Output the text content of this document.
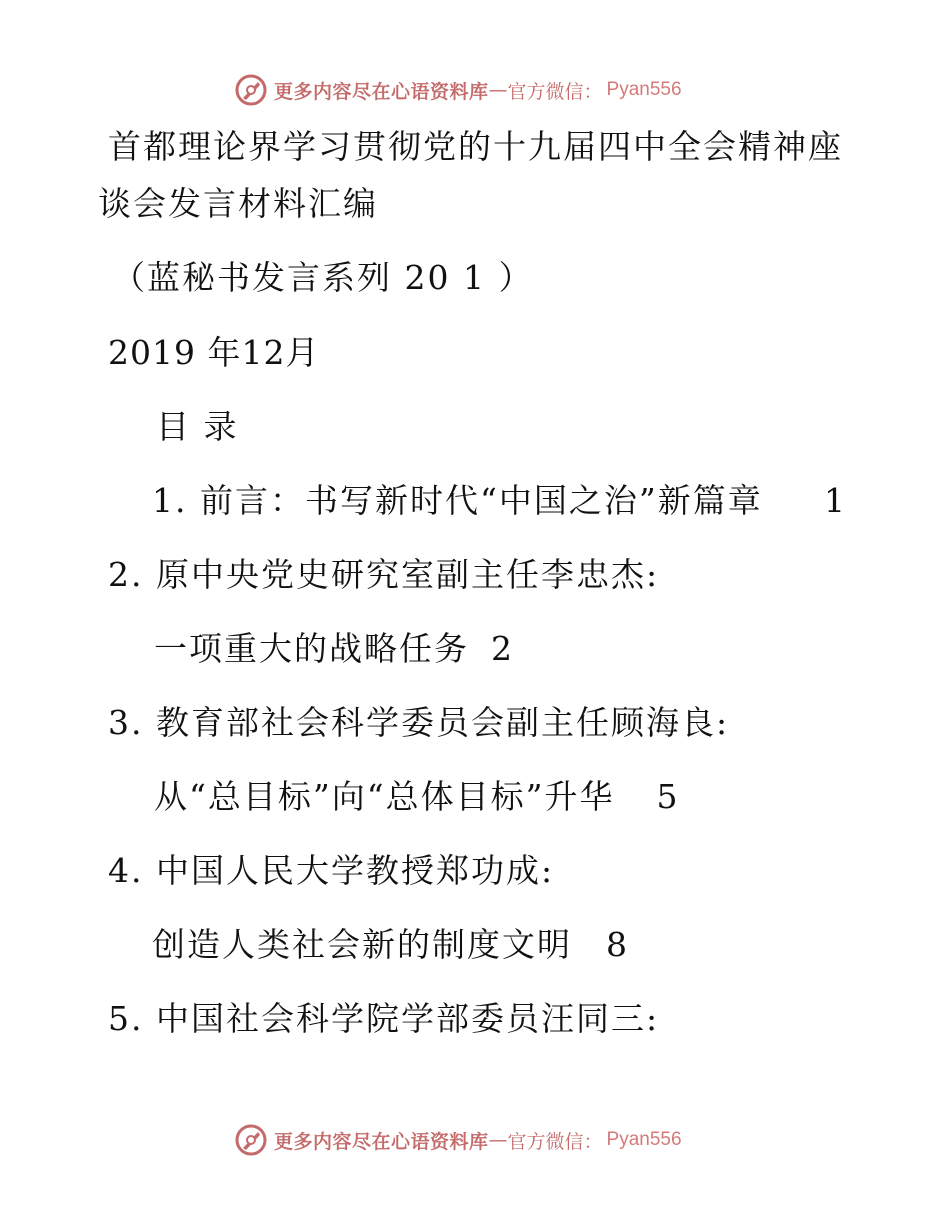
更多内容尽在心语资料库 — 官方微信： Pyan556
首都理论界学习贯彻党的十九届四中全会精神座
谈会发言材料汇编
（蓝秘书发言系列 20 1 ）
2019 年12月
目 录
1. 前言：书写新时代“中国之治”新篇章 1
2. 原中央党史研究室副主任李忠杰:
一项重大的战略任务 2
3. 教育部社会科学委员会副主任顾海良:
从“总目标”向“总体目标”升华 5
4. 中国人民大学教授郑功成:
创造人类社会新的制度文明 8
5. 中国社会科学院学部委员汪同三:
更多内容尽在心语资料库 — 官方微信： Pyan556
